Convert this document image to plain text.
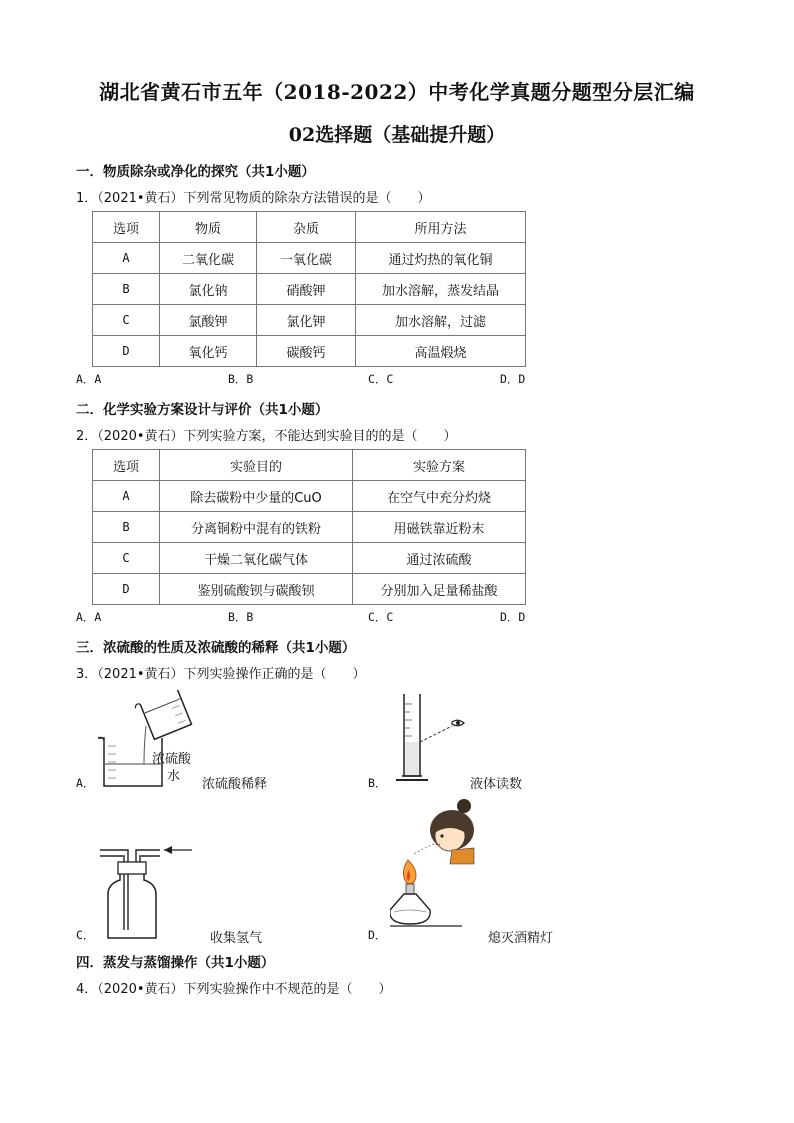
湖北省黄石市五年（2018-2022）中考化学真题分题型分层汇编
02选择题（基础提升题）
一．物质除杂或净化的探究（共1小题）
1．（2021•黄石）下列常见物质的除杂方法错误的是（　　）
选项	物质	杂质	所用方法
A	二氧化碳	一氧化碳	通过灼热的氧化铜
B	氯化钠	硝酸钾	加水溶解，蒸发结晶
C	氯酸钾	氯化钾	加水溶解，过滤
D	氧化钙	碳酸钙	高温煅烧
A．A	B．B	C．C	D．D
二．化学实验方案设计与评价（共1小题）
2．（2020•黄石）下列实验方案，不能达到实验目的的是（　　）
选项	实验目的	实验方案
A	除去碳粉中少量的CuO	在空气中充分灼烧
B	分离铜粉中混有的铁粉	用磁铁靠近粉末
C	干燥二氧化碳气体	通过浓硫酸
D	鉴别硫酸钡与碳酸钡	分别加入足量稀盐酸
A．A	B．B	C．C	D．D
三．浓硫酸的性质及浓硫酸的稀释（共1小题）
3．（2021•黄石）下列实验操作正确的是（　　）
A．
浓硫酸
水
浓硫酸稀释	B．	液体读数
C．	收集氢气	D．	熄灭酒精灯
四．蒸发与蒸馏操作（共1小题）
4．（2020•黄石）下列实验操作中不规范的是（　　）
